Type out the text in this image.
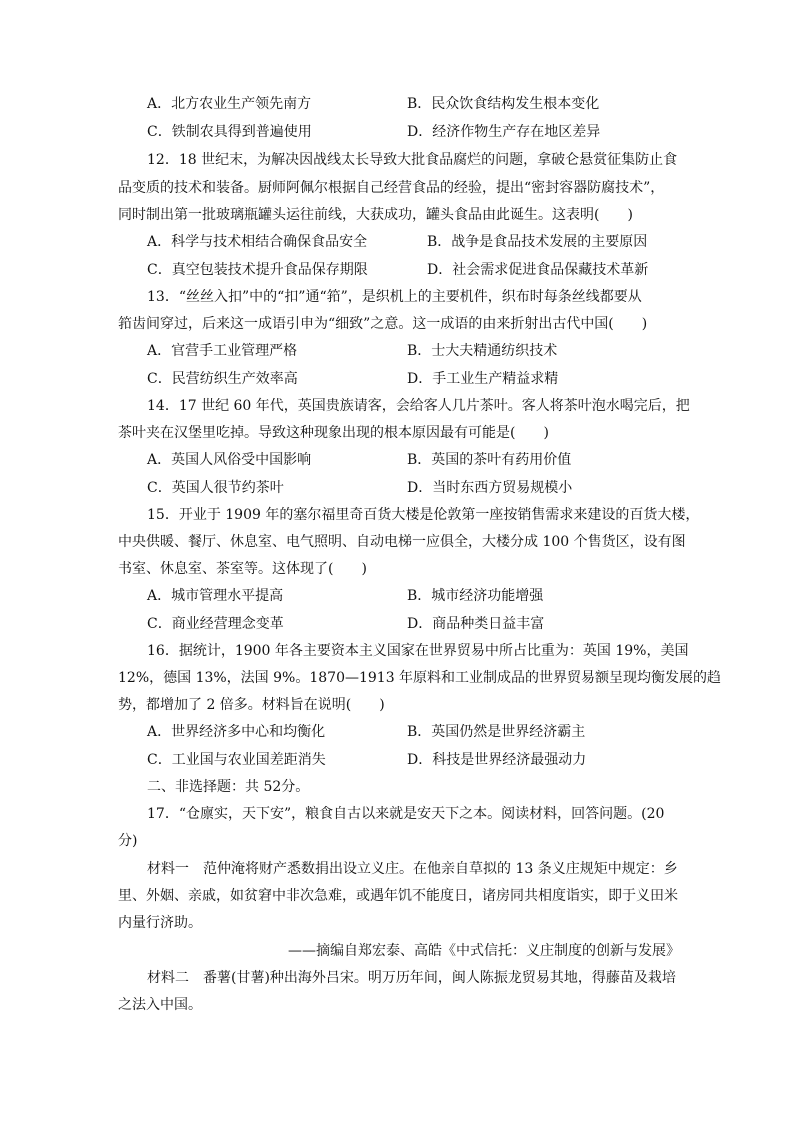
A．北方农业生产领先南方	B．民众饮食结构发生根本变化
C．铁制农具得到普遍使用	D．经济作物生产存在地区差异
12．18 世纪末，为解决因战线太长导致大批食品腐烂的问题，拿破仑悬赏征集防止食
品变质的技术和装备。厨师阿佩尔根据自己经营食品的经验，提出“密封容器防腐技术”，
同时制出第一批玻璃瓶罐头运往前线，大获成功，罐头食品由此诞生。这表明(　　)
A．科学与技术相结合确保食品安全	B．战争是食品技术发展的主要原因
C．真空包装技术提升食品保存期限	D．社会需求促进食品保藏技术革新
13．“丝丝入扣”中的“扣”通“筘”，是织机上的主要机件，织布时每条丝线都要从
筘齿间穿过，后来这一成语引申为“细致”之意。这一成语的由来折射出古代中国(　　)
A．官营手工业管理严格	B．士大夫精通纺织技术
C．民营纺织生产效率高	D．手工业生产精益求精
14．17 世纪 60 年代，英国贵族请客，会给客人几片茶叶。客人将茶叶泡水喝完后，把
茶叶夹在汉堡里吃掉。导致这种现象出现的根本原因最有可能是(　　)
A．英国人风俗受中国影响	B．英国的茶叶有药用价值
C．英国人很节约茶叶	D．当时东西方贸易规模小
15．开业于 1909 年的塞尔福里奇百货大楼是伦敦第一座按销售需求来建设的百货大楼，
中央供暖、餐厅、休息室、电气照明、自动电梯一应俱全，大楼分成 100 个售货区，设有图
书室、休息室、茶室等。这体现了(　　)
A．城市管理水平提高	B．城市经济功能增强
C．商业经营理念变革	D．商品种类日益丰富
16．据统计，1900 年各主要资本主义国家在世界贸易中所占比重为：英国 19%，美国
12%，德国 13%，法国 9%。1870—1913 年原料和工业制成品的世界贸易额呈现均衡发展的趋
势，都增加了 2 倍多。材料旨在说明(　　)
A．世界经济多中心和均衡化	B．英国仍然是世界经济霸主
C．工业国与农业国差距消失	D．科技是世界经济最强动力
二、非选择题：共 52分。
17．“仓廪实，天下安”，粮食自古以来就是安天下之本。阅读材料，回答问题。(20
分)
材料一　范仲淹将财产悉数捐出设立义庄。在他亲自草拟的 13 条义庄规矩中规定：乡
里、外姻、亲戚，如贫窘中非次急难，或遇年饥不能度日，诸房同共相度诣实，即于义田米
内量行济助。
——摘编自郑宏泰、高皓《中式信托：义庄制度的创新与发展》
材料二　番薯(甘薯)种出海外吕宋。明万历年间，闽人陈振龙贸易其地，得藤苗及栽培
之法入中国。
